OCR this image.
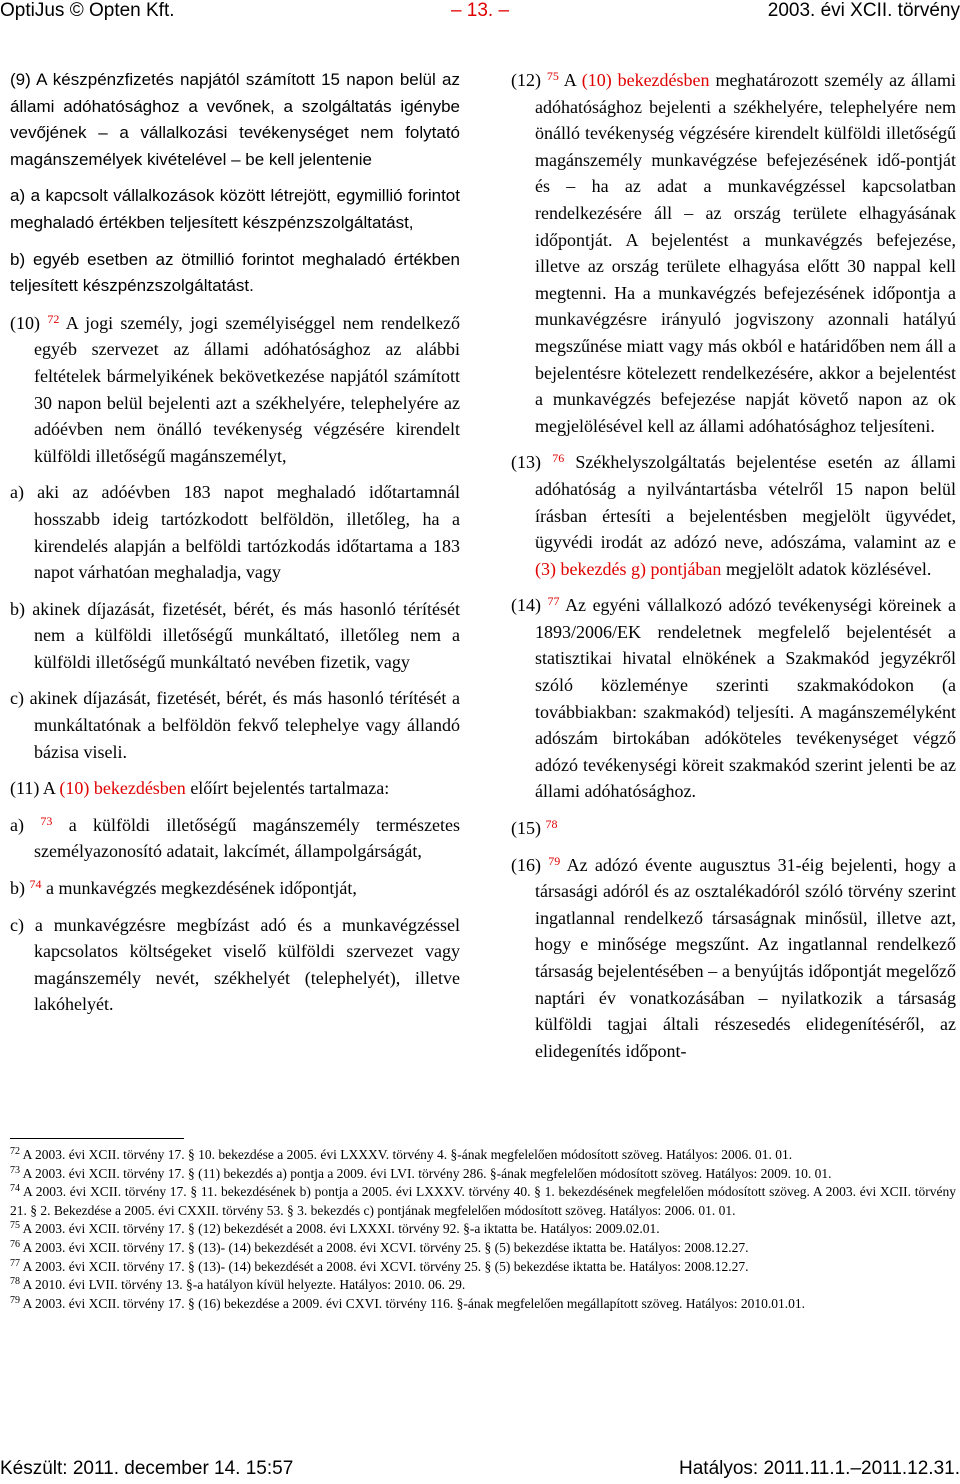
OptiJus © Opten Kft.	– 13. –	2003. évi XCII. törvény

(9) A készpénzfizetés napjától számított 15 napon belül az állami adóhatósághoz a vevőnek, a szolgáltatás igénybe vevőjének – a vállalkozási tevékenységet nem folytató magánszemélyek kivételével – be kell jelentenie

a) a kapcsolt vállalkozások között létrejött, egymillió forintot meghaladó értékben teljesített készpénzszolgáltatást,

b) egyéb esetben az ötmillió forintot meghaladó értékben teljesített készpénzszolgáltatást.

(10) $^{72}$ A jogi személy, jogi személyiséggel nem rendelkező egyéb szervezet az állami adóhatósághoz az alábbi feltételek bármelyikének bekövetkezése napjától számított 30 napon belül bejelenti azt a székhelyére, telephelyére az adóévben nem önálló tevékenység végzésére kirendelt külföldi illetőségű magánszemélyt,

a) aki az adóévben 183 napot meghaladó időtartamnál hosszabb ideig tartózkodott belföldön, illetőleg, ha a kirendelés alapján a belföldi tartózkodás időtartama a 183 napot várhatóan meghaladja, vagy

b) akinek díjazását, fizetését, bérét, és más hasonló térítését nem a külföldi illetőségű munkáltató, illetőleg nem a külföldi illetőségű munkáltató nevében fizetik, vagy

c) akinek díjazását, fizetését, bérét, és más hasonló térítését a munkáltatónak a belföldön fekvő telephelye vagy állandó bázisa viseli.

(11) A (10) bekezdésben előírt bejelentés tartalmaza:

a) $^{73}$ a külföldi illetőségű magánszemély természetes személyazonosító adatait, lakcímét, állampolgárságát,

b) $^{74}$ a munkavégzés megkezdésének időpontját,

c) a munkavégzésre megbízást adó és a munkavégzéssel kapcsolatos költségeket viselő külföldi szervezet vagy magánszemély nevét, székhelyét (telephelyét), illetve lakóhelyét.

(12) $^{75}$ A (10) bekezdésben meghatározott személy az állami adóhatósághoz bejelenti a székhelyére, telephelyére nem önálló tevékenység végzésére kirendelt külföldi illetőségű magánszemély munkavégzése befejezésének idő-pontját és – ha az adat a munkavégzéssel kapcsolatban rendelkezésére áll – az ország területe elhagyásának időpontját. A bejelentést a munkavégzés befejezése, illetve az ország területe elhagyása előtt 30 nappal kell megtenni. Ha a munkavégzés befejezésének időpontja a munkavégzésre irányuló jogviszony azonnali hatályú megszűnése miatt vagy más okból e határidőben nem áll a bejelentésre kötelezett rendelkezésére, akkor a bejelentést a munkavégzés befejezése napját követő napon az ok megjelölésével kell az állami adóhatósághoz teljesíteni.

(13) $^{76}$ Székhelyszolgáltatás bejelentése esetén az állami adóhatóság a nyilvántartásba vételről 15 napon belül írásban értesíti a bejelentésben megjelölt ügyvédet, ügyvédi irodát az adózó neve, adószáma, valamint az e (3) bekezdés g) pontjában megjelölt adatok közlésével.

(14) $^{77}$ Az egyéni vállalkozó adózó tevékenységi köreinek a 1893/2006/EK rendeletnek megfelelő bejelentését a statisztikai hivatal elnökének a Szakmakód jegyzékről szóló közleménye szerinti szakmakódokon (a továbbiakban: szakmakód) teljesíti. A magánszemélyként adószám birtokában adóköteles tevékenységet végző adózó tevékenységi köreit szakmakód szerint jelenti be az állami adóhatósághoz.

(15) $^{78}$

(16) $^{79}$ Az adózó évente augusztus 31-éig bejelenti, hogy a társasági adóról és az osztalékadóról szóló törvény szerint ingatlannal rendelkező társaságnak minősül, illetve azt, hogy e minősége megszűnt. Az ingatlannal rendelkező társaság bejelentésében – a benyújtás időpontját megelőző naptári év vonatkozásában – nyilatkozik a társaság külföldi tagjai általi részesedés elidegenítéséről, az elidegenítés időpont-

$^{72}$ A 2003. évi XCII. törvény 17. § 10. bekezdése a 2005. évi LXXXV. törvény 4. §-ának megfelelően módosított szöveg. Hatályos: 2006. 01. 01.

$^{73}$ A 2003. évi XCII. törvény 17. § (11) bekezdés a) pontja a 2009. évi LVI. törvény 286. §-ának megfelelően módosított szöveg. Hatályos: 2009. 10. 01.

$^{74}$ A 2003. évi XCII. törvény 17. § 11. bekezdésének b) pontja a 2005. évi LXXXV. törvény 40. § 1. bekezdésének megfelelően módosított szöveg. A 2003. évi XCII. törvény 21. § 2. Bekezdése a 2005. évi CXXII. törvény 53. § 3. bekezdés c) pontjának megfelelően módosított szöveg. Hatályos: 2006. 01. 01.

$^{75}$ A 2003. évi XCII. törvény 17. § (12) bekezdését a 2008. évi LXXXI. törvény 92. §-a iktatta be. Hatályos: 2009.02.01.

$^{76}$ A 2003. évi XCII. törvény 17. § (13)- (14) bekezdését a 2008. évi XCVI. törvény 25. § (5) bekezdése iktatta be. Hatályos: 2008.12.27.

$^{77}$ A 2003. évi XCII. törvény 17. § (13)- (14) bekezdését a 2008. évi XCVI. törvény 25. § (5) bekezdése iktatta be. Hatályos: 2008.12.27.

$^{78}$ A 2010. évi LVII. törvény 13. §-a hatályon kívül helyezte. Hatályos: 2010. 06. 29.

$^{79}$ A 2003. évi XCII. törvény 17. § (16) bekezdése a 2009. évi CXVI. törvény 116. §-ának megfelelően megállapított szöveg. Hatályos: 2010.01.01.

Készült: 2011. december 14. 15:57	Hatályos: 2011.11.1.–2011.12.31.
